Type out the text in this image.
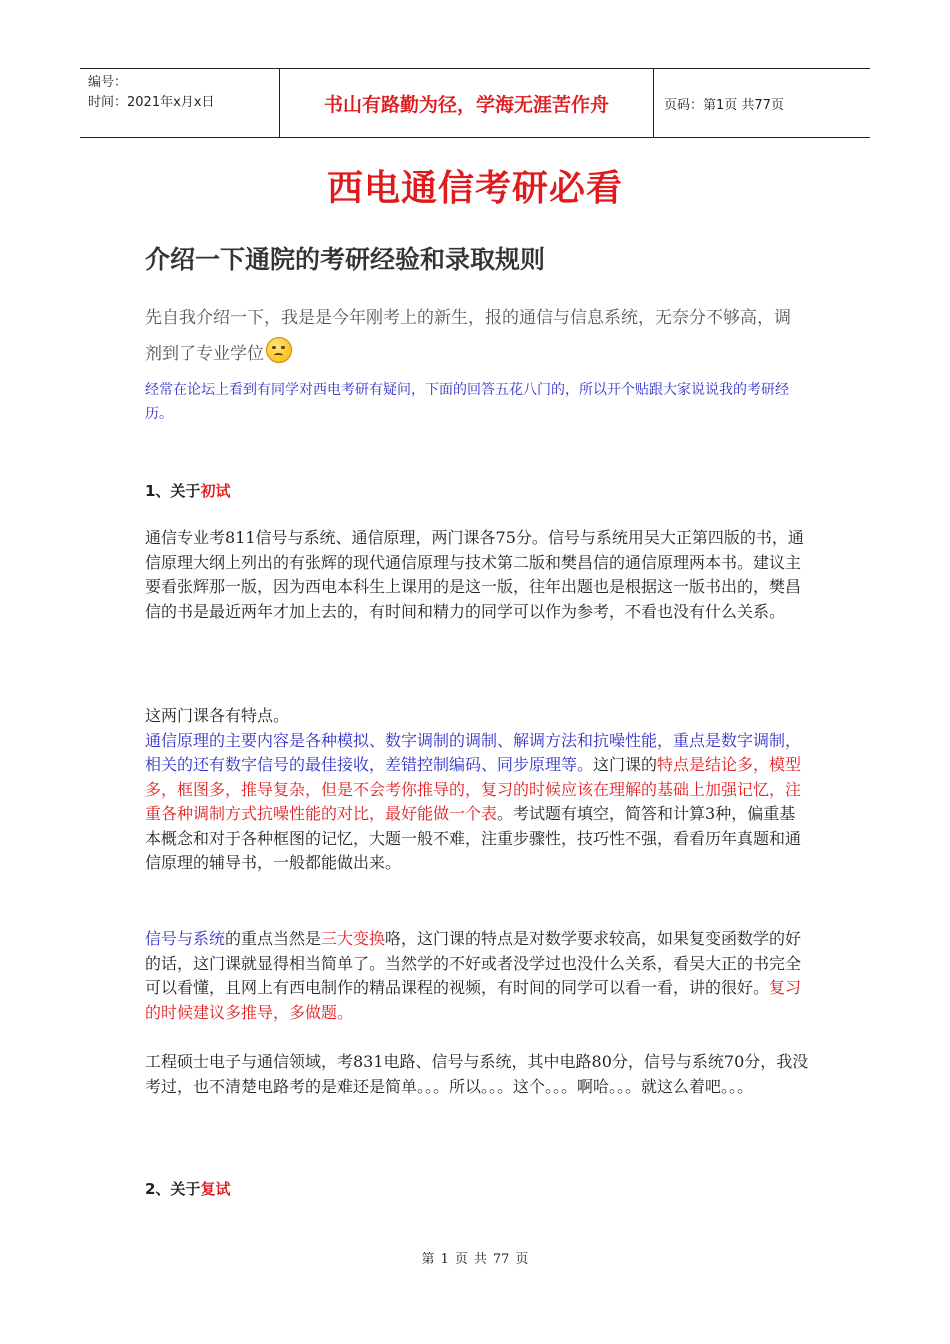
编号：
时间：2021年x月x日	书山有路勤为径，学海无涯苦作舟	页码：第1页 共77页
西电通信考研必看
介绍一下通院的考研经验和录取规则
先自我介绍一下，我是是今年刚考上的新生，报的通信与信息系统，无奈分不够高，调剂到了专业学位
经常在论坛上看到有同学对西电考研有疑问，下面的回答五花八门的，所以开个贴跟大家说说我的考研经历。
1、关于初试
通信专业考811信号与系统、通信原理，两门课各75分。信号与系统用吴大正第四版的书，通信原理大纲上列出的有张辉的现代通信原理与技术第二版和樊昌信的通信原理两本书。建议主要看张辉那一版，因为西电本科生上课用的是这一版，往年出题也是根据这一版书出的，樊昌信的书是最近两年才加上去的，有时间和精力的同学可以作为参考，不看也没有什么关系。
这两门课各有特点。
通信原理的主要内容是各种模拟、数字调制的调制、解调方法和抗噪性能，重点是数字调制，相关的还有数字信号的最佳接收，差错控制编码、同步原理等。这门课的特点是结论多，模型多，框图多，推导复杂，但是不会考你推导的，复习的时候应该在理解的基础上加强记忆，注重各种调制方式抗噪性能的对比，最好能做一个表。考试题有填空，简答和计算3种，偏重基本概念和对于各种框图的记忆，大题一般不难，注重步骤性，技巧性不强，看看历年真题和通信原理的辅导书，一般都能做出来。
信号与系统的重点当然是三大变换咯，这门课的特点是对数学要求较高，如果复变函数学的好的话，这门课就显得相当简单了。当然学的不好或者没学过也没什么关系，看吴大正的书完全可以看懂，且网上有西电制作的精品课程的视频，有时间的同学可以看一看，讲的很好。复习的时候建议多推导，多做题。
工程硕士电子与通信领域，考831电路、信号与系统，其中电路80分，信号与系统70分，我没考过，也不清楚电路考的是难还是简单。。。所以。。。这个。。。啊哈。。。就这么着吧。。。
2、关于复试
第 1 页 共 77 页
